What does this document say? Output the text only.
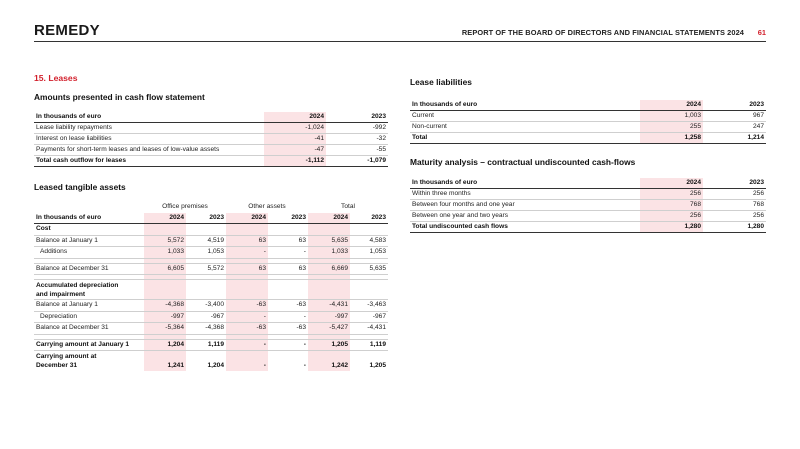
REMEDY	REPORT OF THE BOARD OF DIRECTORS AND FINANCIAL STATEMENTS 2024 61
15. Leases
Amounts presented in cash flow statement
In thousands of euro	2024	2023
Lease liability repayments	-1,024	-992
Interest on lease liabilities	-41	-32
Payments for short-term leases and leases of low-value assets	-47	-55
Total cash outflow for leases	-1,112	-1,079
Leased tangible assets
	Office premises		Other assets		Total	
In thousands of euro	2024	2023	2024	2023	2024	2023
Cost						
Balance at January 1	5,572	4,519	63	63	5,635	4,583
Additions	1,033	1,053	-	-	1,033	1,053

Balance at December 31	6,605	5,572	63	63	6,669	5,635

Accumulated depreciation
and impairment						
Balance at January 1	-4,368	-3,400	-63	-63	-4,431	-3,463
Depreciation	-997	-967	-	-	-997	-967
Balance at December 31	-5,364	-4,368	-63	-63	-5,427	-4,431

Carrying amount at January 1	1,204	1,119	-	-	1,205	1,119
Carrying amount at
December 31	1,241	1,204	-	-	1,242	1,205
Lease liabilities
In thousands of euro	2024	2023
Current	1,003	967
Non-current	255	247
Total	1,258	1,214
Maturity analysis – contractual undiscounted cash-flows
In thousands of euro	2024	2023
Within three months	256	256
Between four months and one year	768	768
Between one year and two years	256	256
Total undiscounted cash flows	1,280	1,280
